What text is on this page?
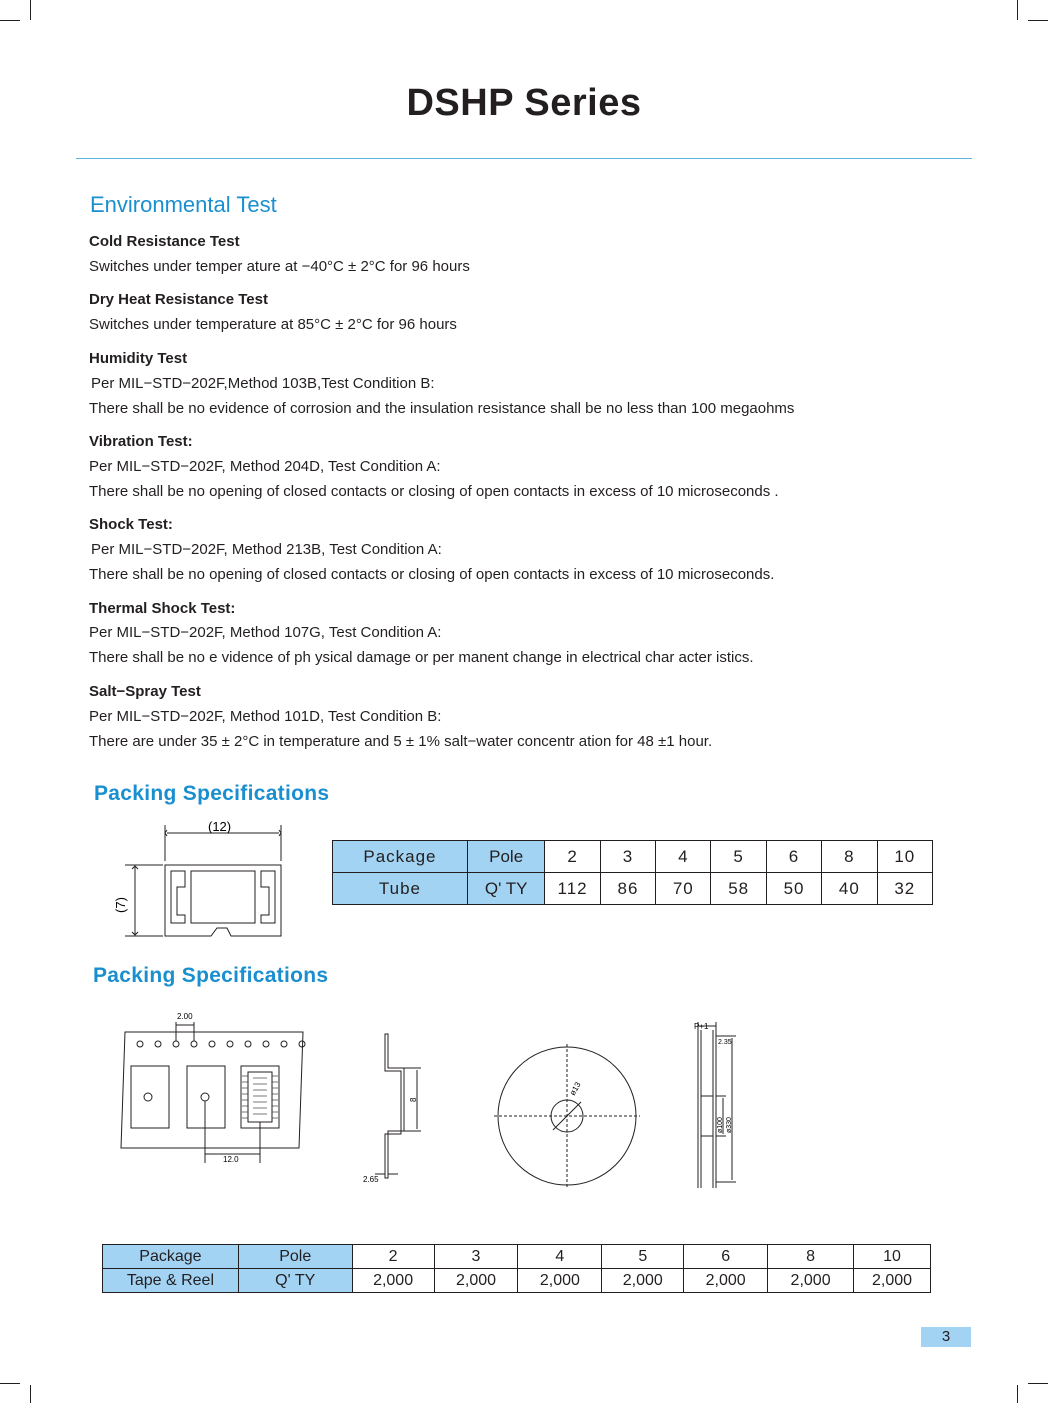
DSHP Series
Environmental Test
Cold Resistance Test
Switches under temper ature at −40°C ± 2°C for 96 hours
Dry Heat Resistance Test
Switches under temperature at 85°C ± 2°C for 96 hours
Humidity Test
Per MIL−STD−202F,Method 103B,Test Condition B:
There shall be no evidence of corrosion and the insulation resistance shall be no less than 100 megaohms
Vibration Test:
Per MIL−STD−202F, Method 204D, Test Condition A:
There shall be no opening of closed contacts or closing of open contacts in excess of 10 microseconds .
Shock Test:
Per MIL−STD−202F, Method 213B, Test Condition A:
There shall be no opening of closed contacts or closing of open contacts in excess of 10 microseconds.
Thermal Shock Test:
Per MIL−STD−202F, Method 107G, Test Condition A:
There shall be no e vidence of ph ysical damage or per manent change in electrical char acter istics.
Salt−Spray Test
Per MIL−STD−202F, Method 101D, Test Condition B:
There are under 35 ± 2°C in temperature and 5 ± 1% salt−water concentr ation for 48 ±1 hour.
Packing Specifications
(12)
(7)
Package	Pole	2	3	4	5	6	8	10
Tube	Q' TY	112	86	70	58	50	40	32
Packing Specifications
2.00
12.0
8
2.65
ø13
P+1
2.35
ø100 ø330
Package	Pole	2	3	4	5	6	8	10
Tape & Reel	Q' TY	2,000	2,000	2,000	2,000	2,000	2,000	2,000
3
